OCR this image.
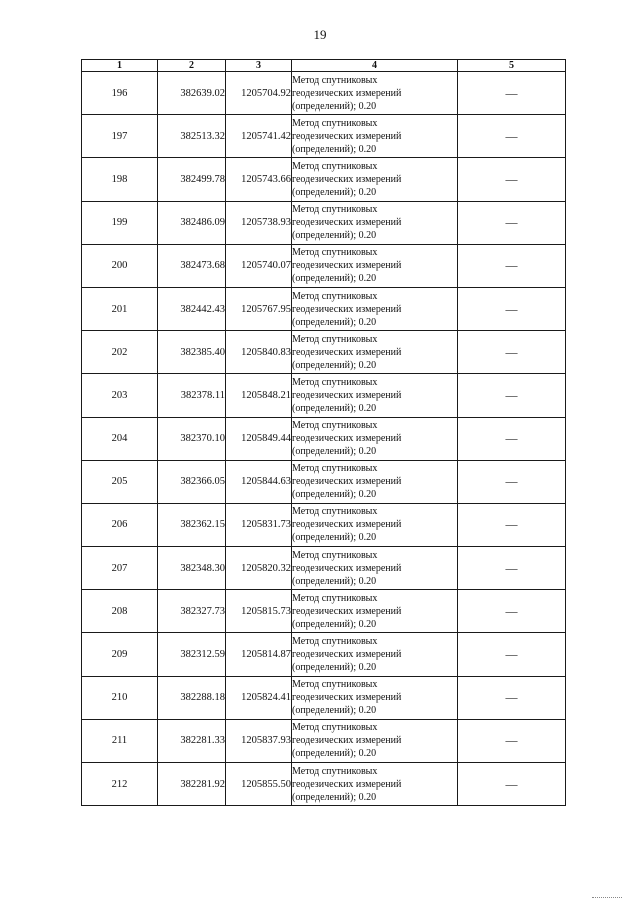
19
1	2	3	4	5
196	382639.02	1205704.92	Метод спутниковых
геодезических измерений
(определений); 0.20	—
197	382513.32	1205741.42	Метод спутниковых
геодезических измерений
(определений); 0.20	—
198	382499.78	1205743.66	Метод спутниковых
геодезических измерений
(определений); 0.20	—
199	382486.09	1205738.93	Метод спутниковых
геодезических измерений
(определений); 0.20	—
200	382473.68	1205740.07	Метод спутниковых
геодезических измерений
(определений); 0.20	—
201	382442.43	1205767.95	Метод спутниковых
геодезических измерений
(определений); 0.20	—
202	382385.40	1205840.83	Метод спутниковых
геодезических измерений
(определений); 0.20	—
203	382378.11	1205848.21	Метод спутниковых
геодезических измерений
(определений); 0.20	—
204	382370.10	1205849.44	Метод спутниковых
геодезических измерений
(определений); 0.20	—
205	382366.05	1205844.63	Метод спутниковых
геодезических измерений
(определений); 0.20	—
206	382362.15	1205831.73	Метод спутниковых
геодезических измерений
(определений); 0.20	—
207	382348.30	1205820.32	Метод спутниковых
геодезических измерений
(определений); 0.20	—
208	382327.73	1205815.73	Метод спутниковых
геодезических измерений
(определений); 0.20	—
209	382312.59	1205814.87	Метод спутниковых
геодезических измерений
(определений); 0.20	—
210	382288.18	1205824.41	Метод спутниковых
геодезических измерений
(определений); 0.20	—
211	382281.33	1205837.93	Метод спутниковых
геодезических измерений
(определений); 0.20	—
212	382281.92	1205855.50	Метод спутниковых
геодезических измерений
(определений); 0.20	—
